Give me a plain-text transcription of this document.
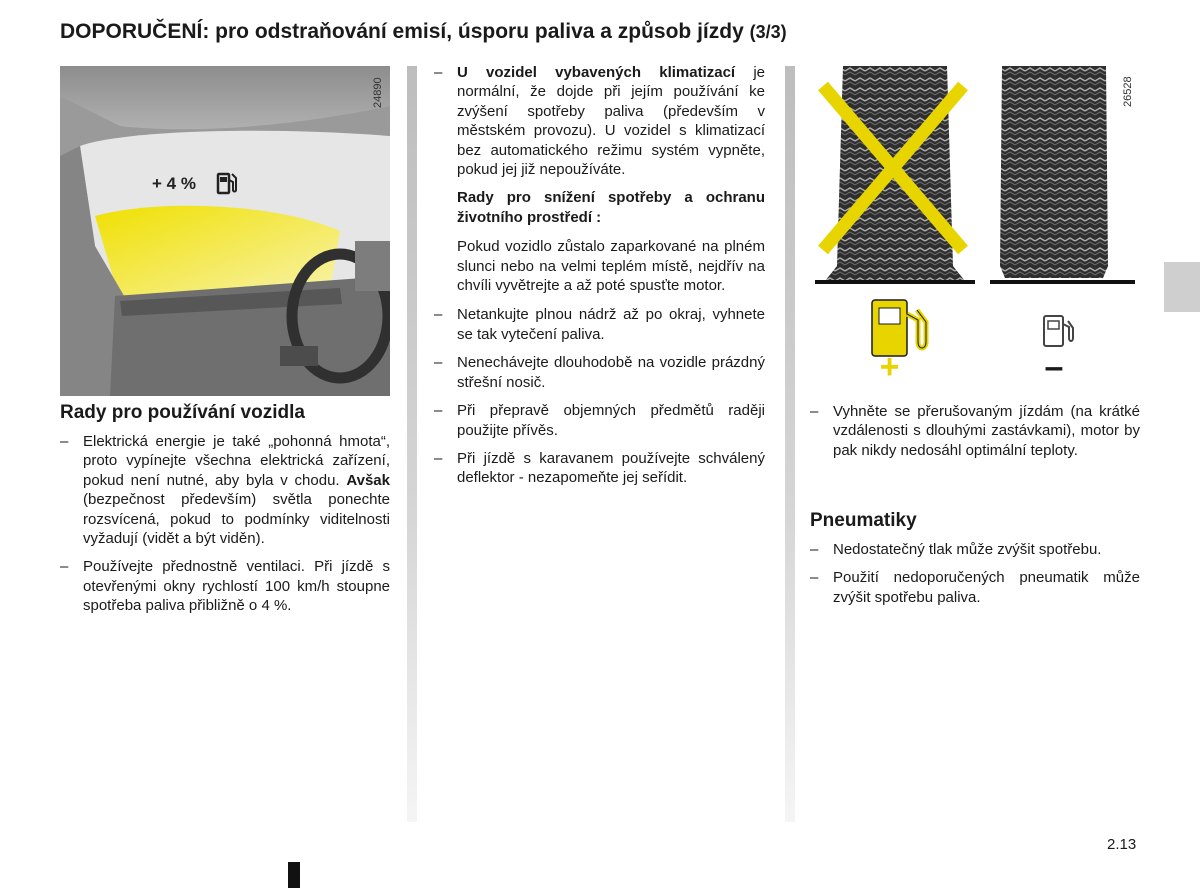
DOPORUČENÍ: pro odstraňování emisí, úsporu paliva a způsob jízdy (3/3)
+ 4 %
24890
Rady pro používání vozidla
– Elektrická energie je také „pohonná hmota“, proto vypínejte všechna elektrická zařízení, pokud není nutné, aby byla v chodu. Avšak (bezpečnost především) světla ponechte rozsvícená, pokud to podmínky viditelnosti vyžadují (vidět a být viděn).
– Používejte přednostně ventilaci. Při jízdě s otevřenými okny rychlostí 100 km/h stoupne spotřeba paliva přibližně o 4 %.
– U vozidel vybavených klimatizací je normální, že dojde při jejím používání ke zvýšení spotřeby paliva (především v městském provozu). U vozidel s klimatizací bez automatického režimu systém vypněte, pokud jej již nepoužíváte.
Rady pro snížení spotřeby a ochranu životního prostředí :
Pokud vozidlo zůstalo zaparkované na plném slunci nebo na velmi teplém místě, nejdřív na chvíli vyvětrejte a až poté spusťte motor.
– Netankujte plnou nádrž až po okraj, vyhnete se tak vytečení paliva.
– Nenechávejte dlouhodobě na vozidle prázdný střešní nosič.
– Při přepravě objemných předmětů raději použijte přívěs.
– Při jízdě s karavanem používejte schválený deflektor - nezapomeňte jej seřídit.
+	–
26528
– Vyhněte se přerušovaným jízdám (na krátké vzdálenosti s dlouhými zastávkami), motor by pak nikdy nedosáhl optimální teploty.
Pneumatiky
– Nedostatečný tlak může zvýšit spotřebu.
– Použití nedoporučených pneumatik může zvýšit spotřebu paliva.
2.13
